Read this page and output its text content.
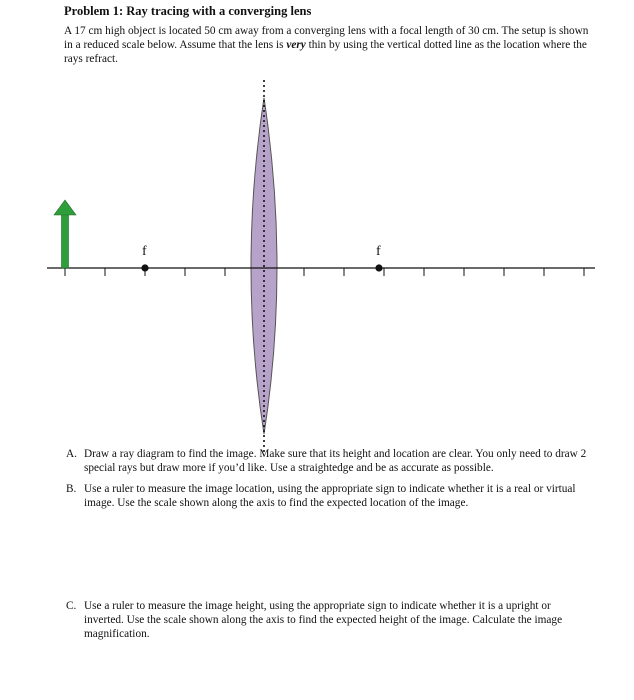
Problem 1: Ray tracing with a converging lens
A 17 cm high object is located 50 cm away from a converging lens with a focal length of 30 cm. The setup is shown in a reduced scale below. Assume that the lens is very thin by using the vertical dotted line as the location where the rays refract.
f	f
A. Draw a ray diagram to find the image. Make sure that its height and location are clear. You only need to draw 2 special rays but draw more if you’d like. Use a straightedge and be as accurate as possible.
B. Use a ruler to measure the image location, using the appropriate sign to indicate whether it is a real or virtual image. Use the scale shown along the axis to find the expected location of the image.
C. Use a ruler to measure the image height, using the appropriate sign to indicate whether it is a upright or inverted. Use the scale shown along the axis to find the expected height of the image. Calculate the image magnification.
